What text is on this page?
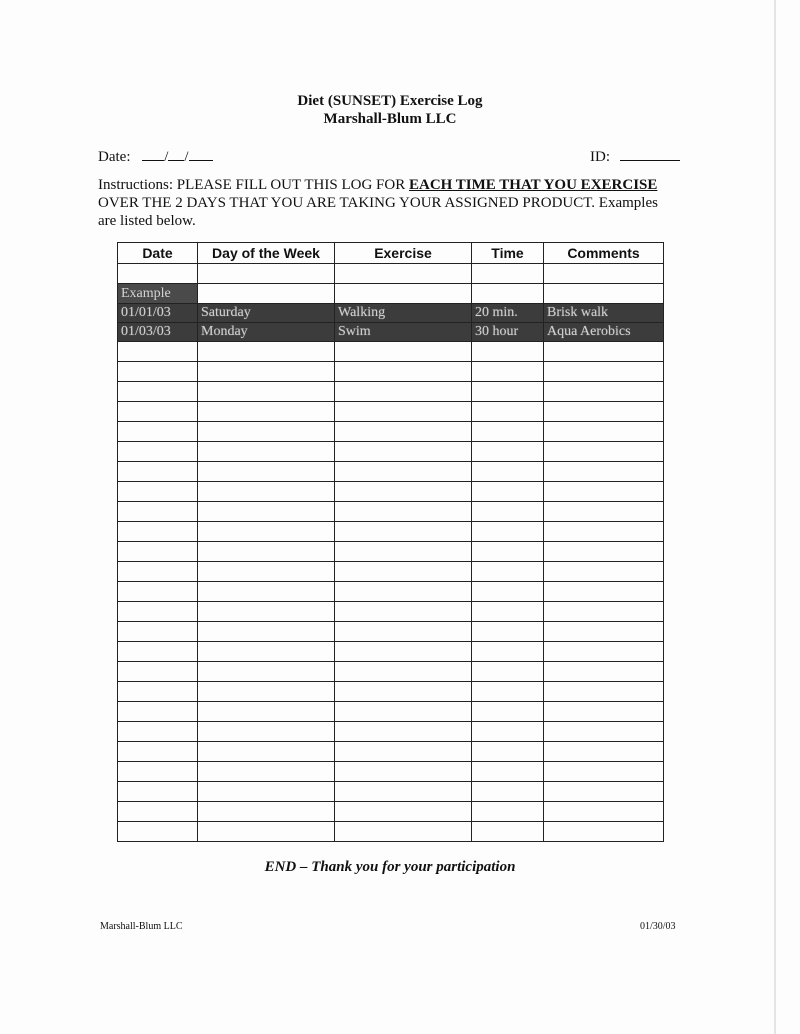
Diet (SUNSET) Exercise Log
Marshall-Blum LLC
Date: / /	ID:
Instructions: PLEASE FILL OUT THIS LOG FOR EACH TIME THAT YOU EXERCISE OVER THE 2 DAYS THAT YOU ARE TAKING YOUR ASSIGNED PRODUCT. Examples are listed below.
Date	Day of the Week	Exercise	Time	Comments

Example				
01/01/03	Saturday	Walking	20 min.	Brisk walk
01/03/03	Monday	Swim	30 hour	Aqua Aerobics

END – Thank you for your participation
Marshall-Blum LLC	01/30/03
